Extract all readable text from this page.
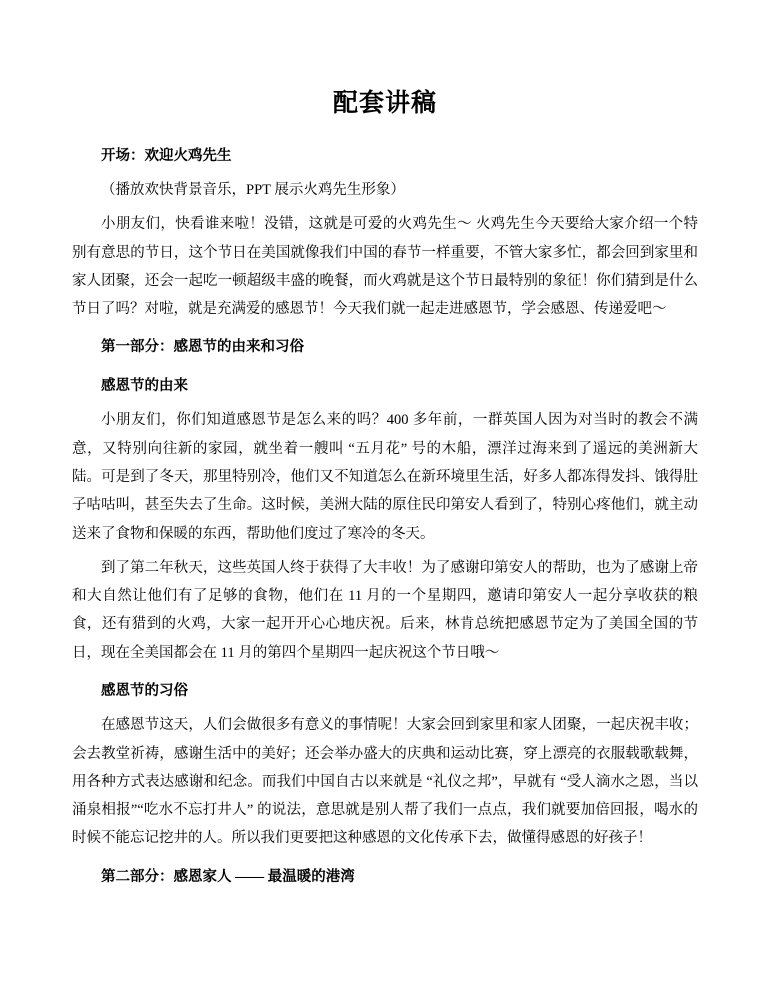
配套讲稿
开场：欢迎火鸡先生

（播放欢快背景音乐，PPT 展示火鸡先生形象）

小朋友们，快看谁来啦！没错，这就是可爱的火鸡先生～ 火鸡先生今天要给大家介绍一个特别有意思的节日，这个节日在美国就像我们中国的春节一样重要，不管大家多忙，都会回到家里和家人团聚，还会一起吃一顿超级丰盛的晚餐，而火鸡就是这个节日最特别的象征！你们猜到是什么节日了吗？对啦，就是充满爱的感恩节！今天我们就一起走进感恩节，学会感恩、传递爱吧～

第一部分：感恩节的由来和习俗
感恩节的由来

小朋友们，你们知道感恩节是怎么来的吗？400 多年前，一群英国人因为对当时的教会不满意，又特别向往新的家园，就坐着一艘叫 “五月花” 号的木船，漂洋过海来到了遥远的美洲新大陆。可是到了冬天，那里特别冷，他们又不知道怎么在新环境里生活，好多人都冻得发抖、饿得肚子咕咕叫，甚至失去了生命。这时候，美洲大陆的原住民印第安人看到了，特别心疼他们，就主动送来了食物和保暖的东西，帮助他们度过了寒冷的冬天。

到了第二年秋天，这些英国人终于获得了大丰收！为了感谢印第安人的帮助，也为了感谢上帝和大自然让他们有了足够的食物，他们在 11 月的一个星期四，邀请印第安人一起分享收获的粮食，还有猎到的火鸡，大家一起开开心心地庆祝。后来，林肯总统把感恩节定为了美国全国的节日，现在全美国都会在 11 月的第四个星期四一起庆祝这个节日哦～

感恩节的习俗

在感恩节这天，人们会做很多有意义的事情呢！大家会回到家里和家人团聚，一起庆祝丰收；会去教堂祈祷，感谢生活中的美好；还会举办盛大的庆典和运动比赛，穿上漂亮的衣服载歌载舞，用各种方式表达感谢和纪念。而我们中国自古以来就是 “礼仪之邦”，早就有 “受人滴水之恩，当以涌泉相报”“吃水不忘打井人” 的说法，意思就是别人帮了我们一点点，我们就要加倍回报，喝水的时候不能忘记挖井的人。所以我们更要把这种感恩的文化传承下去，做懂得感恩的好孩子！

第二部分：感恩家人 —— 最温暖的港湾
